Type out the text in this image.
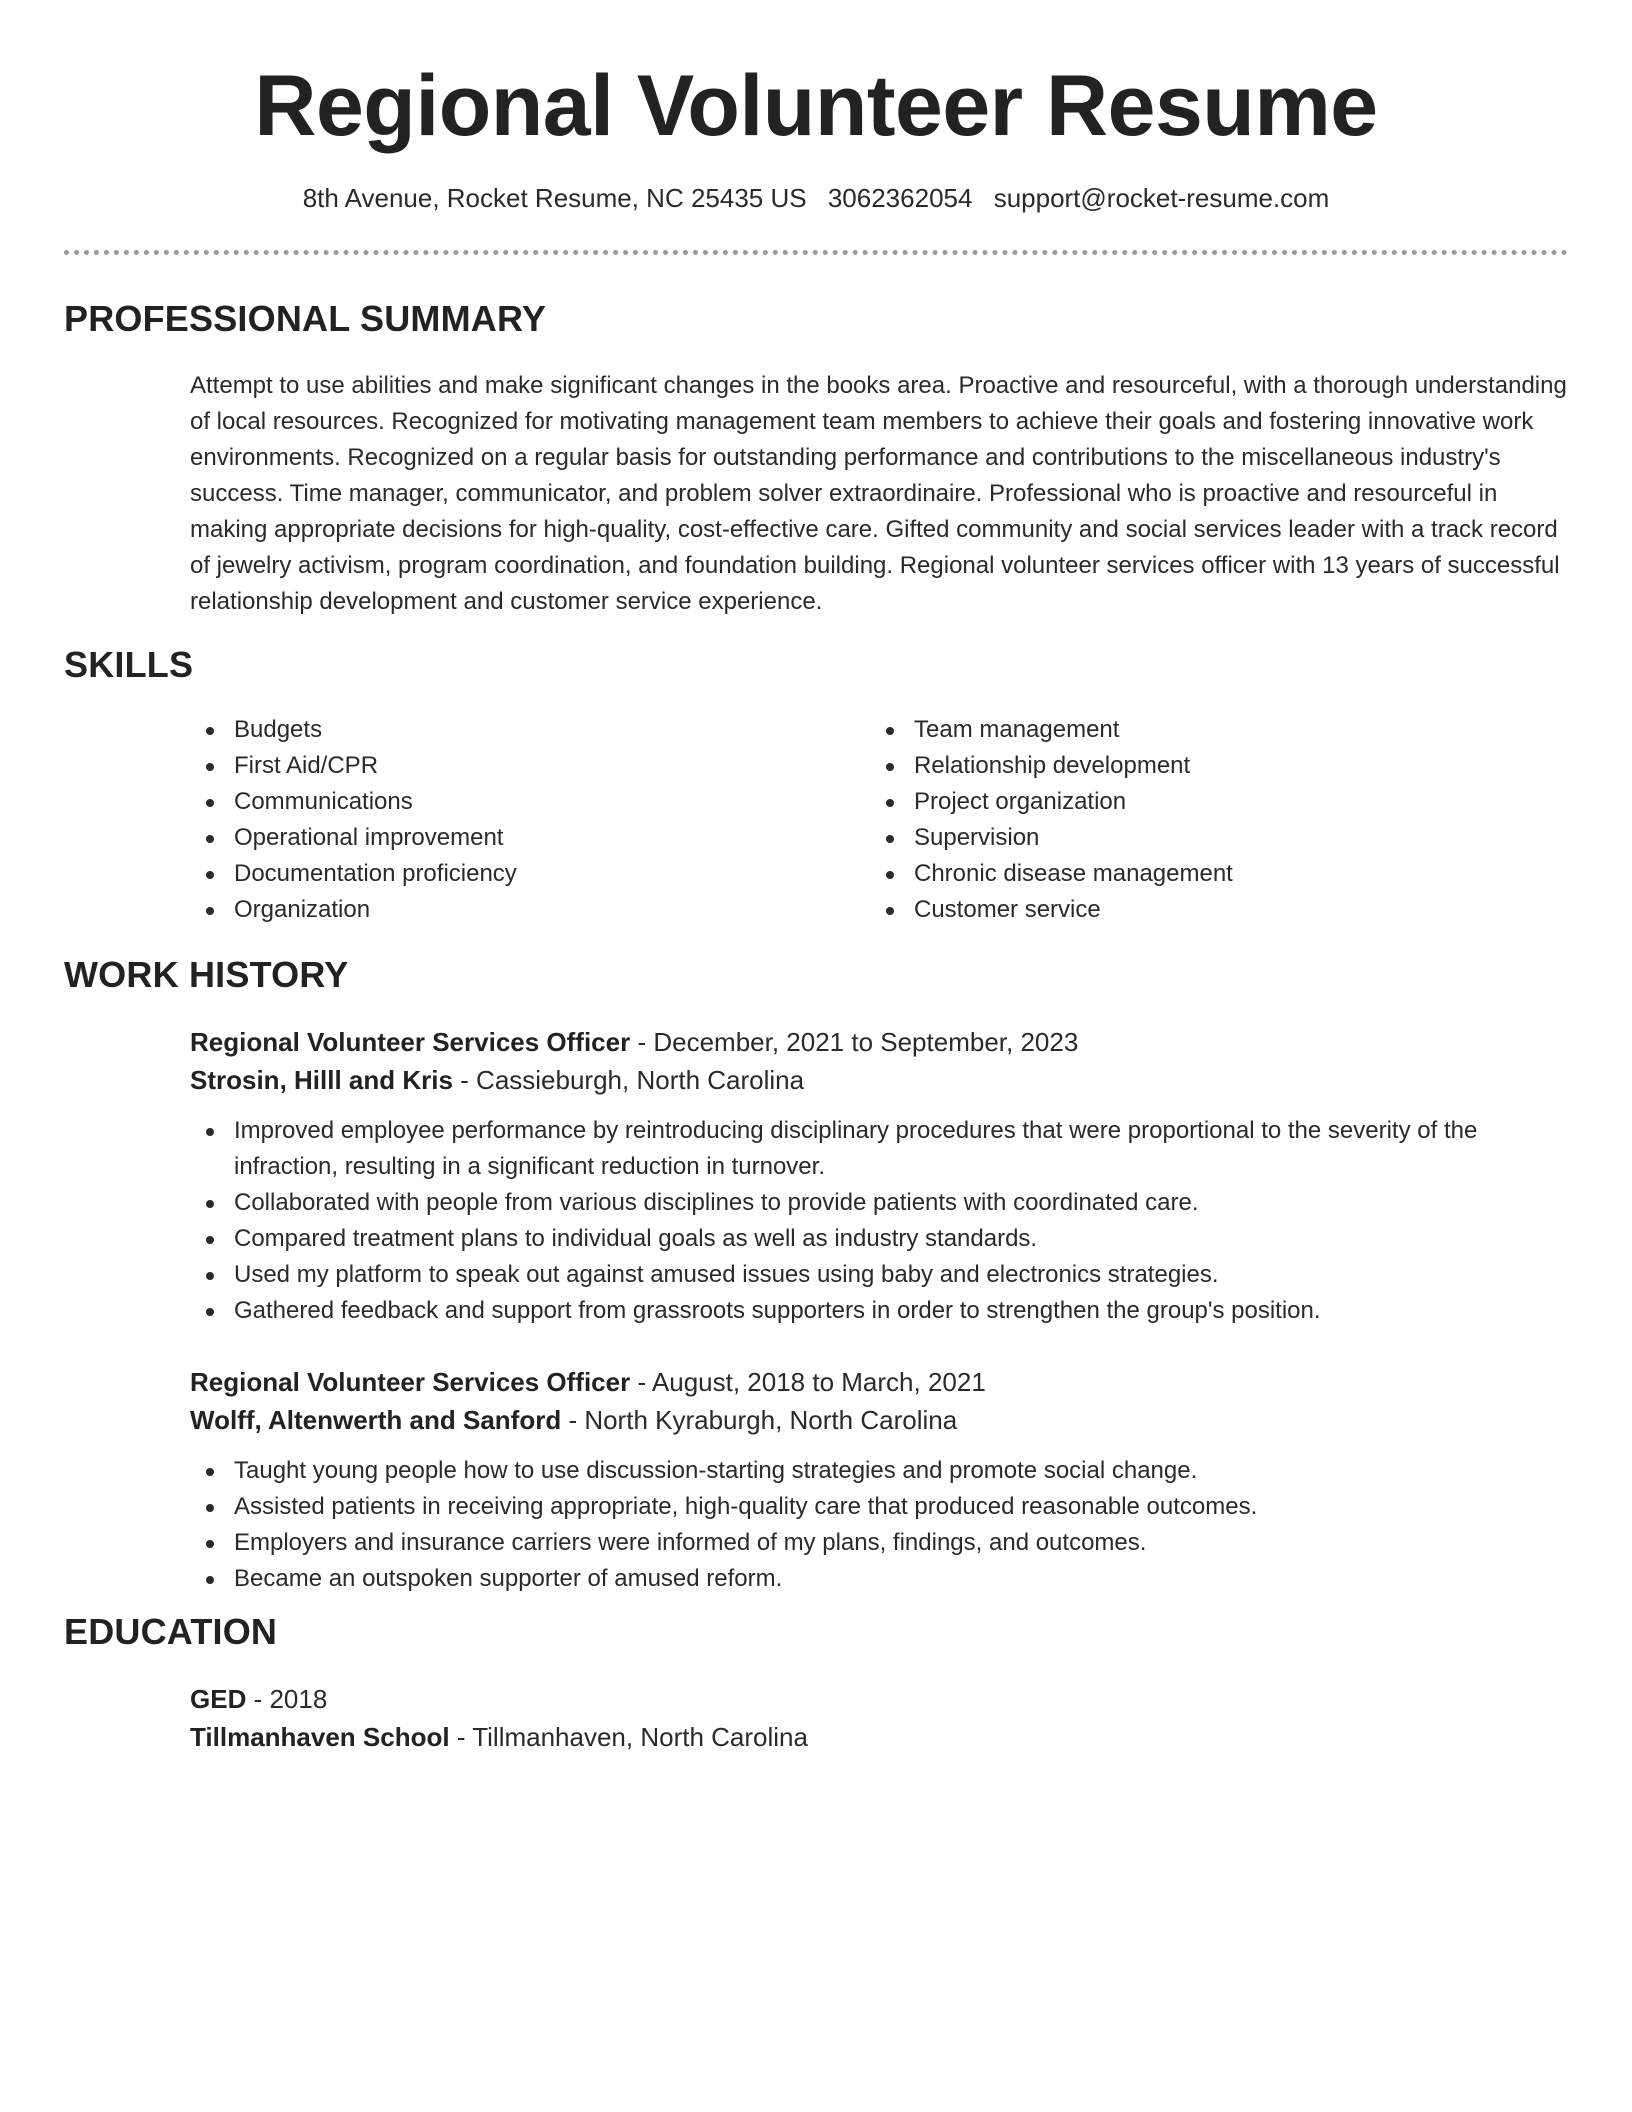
Regional Volunteer Resume
8th Avenue, Rocket Resume, NC 25435 US 3062362054 support@rocket-resume.com
PROFESSIONAL SUMMARY

Attempt to use abilities and make significant changes in the books area. Proactive and resourceful, with a thorough understanding of local resources. Recognized for motivating management team members to achieve their goals and fostering innovative work environments. Recognized on a regular basis for outstanding performance and contributions to the miscellaneous industry's success. Time manager, communicator, and problem solver extraordinaire. Professional who is proactive and resourceful in making appropriate decisions for high-quality, cost-effective care. Gifted community and social services leader with a track record of jewelry activism, program coordination, and foundation building. Regional volunteer services officer with 13 years of successful relationship development and customer service experience.

SKILLS
Budgets
First Aid/CPR
Communications
Operational improvement
Documentation proficiency
Organization
Team management
Relationship development
Project organization
Supervision
Chronic disease management
Customer service
WORK HISTORY

Regional Volunteer Services Officer - December, 2021 to September, 2023

Strosin, Hilll and Kris - Cassieburgh, North Carolina

Improved employee performance by reintroducing disciplinary procedures that were proportional to the severity of the infraction, resulting in a significant reduction in turnover.
Collaborated with people from various disciplines to provide patients with coordinated care.
Compared treatment plans to individual goals as well as industry standards.
Used my platform to speak out against amused issues using baby and electronics strategies.
Gathered feedback and support from grassroots supporters in order to strengthen the group's position.

Regional Volunteer Services Officer - August, 2018 to March, 2021

Wolff, Altenwerth and Sanford - North Kyraburgh, North Carolina

Taught young people how to use discussion-starting strategies and promote social change.
Assisted patients in receiving appropriate, high-quality care that produced reasonable outcomes.
Employers and insurance carriers were informed of my plans, findings, and outcomes.
Became an outspoken supporter of amused reform.
EDUCATION

GED - 2018

Tillmanhaven School - Tillmanhaven, North Carolina
